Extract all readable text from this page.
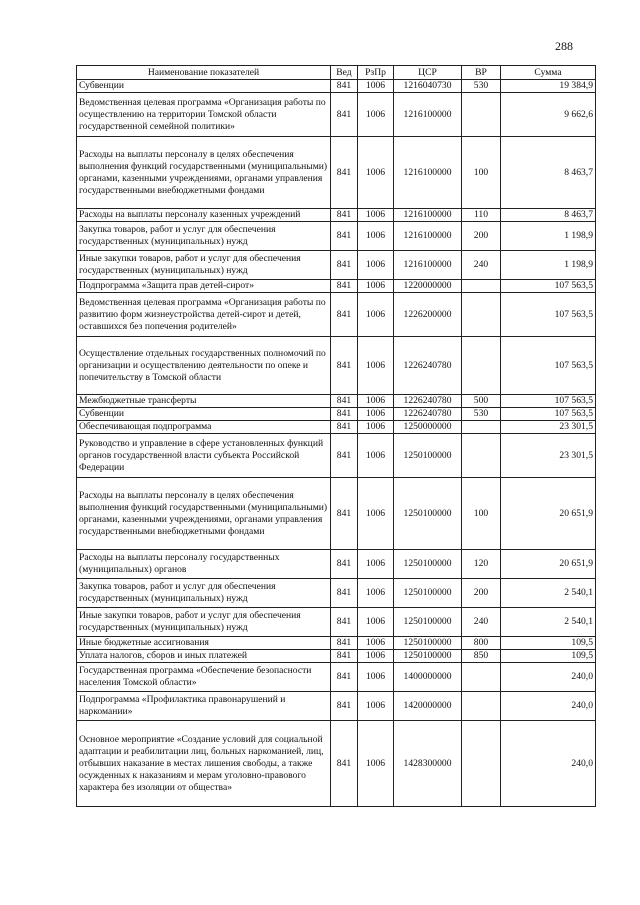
288
Наименование показателей	Вед	РзПр	ЦСР	ВР	Сумма
Субвенции	841	1006	1216040730	530	19 384,9
Ведомственная целевая программа «Организация работы по осуществлению на территории Томской области государственной семейной политики»	841	1006	1216100000		9 662,6
Расходы на выплаты персоналу в целях обеспечения выполнения функций государственными (муниципальными) органами, казенными учреждениями, органами управления государственными внебюджетными фондами	841	1006	1216100000	100	8 463,7
Расходы на выплаты персоналу казенных учреждений	841	1006	1216100000	110	8 463,7
Закупка товаров, работ и услуг для обеспечения государственных (муниципальных) нужд	841	1006	1216100000	200	1 198,9
Иные закупки товаров, работ и услуг для обеспечения государственных (муниципальных) нужд	841	1006	1216100000	240	1 198,9
Подпрограмма «Защита прав детей-сирот»	841	1006	1220000000		107 563,5
Ведомственная целевая программа «Организация работы по развитию форм жизнеустройства детей-сирот и детей, оставшихся без попечения родителей»	841	1006	1226200000		107 563,5
Осуществление отдельных государственных полномочий по организации и осуществлению деятельности по опеке и попечительству в Томской области	841	1006	1226240780		107 563,5
Межбюджетные трансферты	841	1006	1226240780	500	107 563,5
Субвенции	841	1006	1226240780	530	107 563,5
Обеспечивающая подпрограмма	841	1006	1250000000		23 301,5
Руководство и управление в сфере установленных функций органов государственной власти субъекта Российской Федерации	841	1006	1250100000		23 301,5
Расходы на выплаты персоналу в целях обеспечения выполнения функций государственными (муниципальными) органами, казенными учреждениями, органами управления государственными внебюджетными фондами	841	1006	1250100000	100	20 651,9
Расходы на выплаты персоналу государственных (муниципальных) органов	841	1006	1250100000	120	20 651,9
Закупка товаров, работ и услуг для обеспечения государственных (муниципальных) нужд	841	1006	1250100000	200	2 540,1
Иные закупки товаров, работ и услуг для обеспечения государственных (муниципальных) нужд	841	1006	1250100000	240	2 540,1
Иные бюджетные ассигнования	841	1006	1250100000	800	109,5
Уплата налогов, сборов и иных платежей	841	1006	1250100000	850	109,5
Государственная программа «Обеспечение безопасности населения Томской области»	841	1006	1400000000		240,0
Подпрограмма «Профилактика правонарушений и наркомании»	841	1006	1420000000		240,0
Основное мероприятие «Создание условий для социальной адаптации и реабилитации лиц, больных наркоманией, лиц, отбывших наказание в местах лишения свободы, а также осужденных к наказаниям и мерам уголовно-правового характера без изоляции от общества»	841	1006	1428300000		240,0
